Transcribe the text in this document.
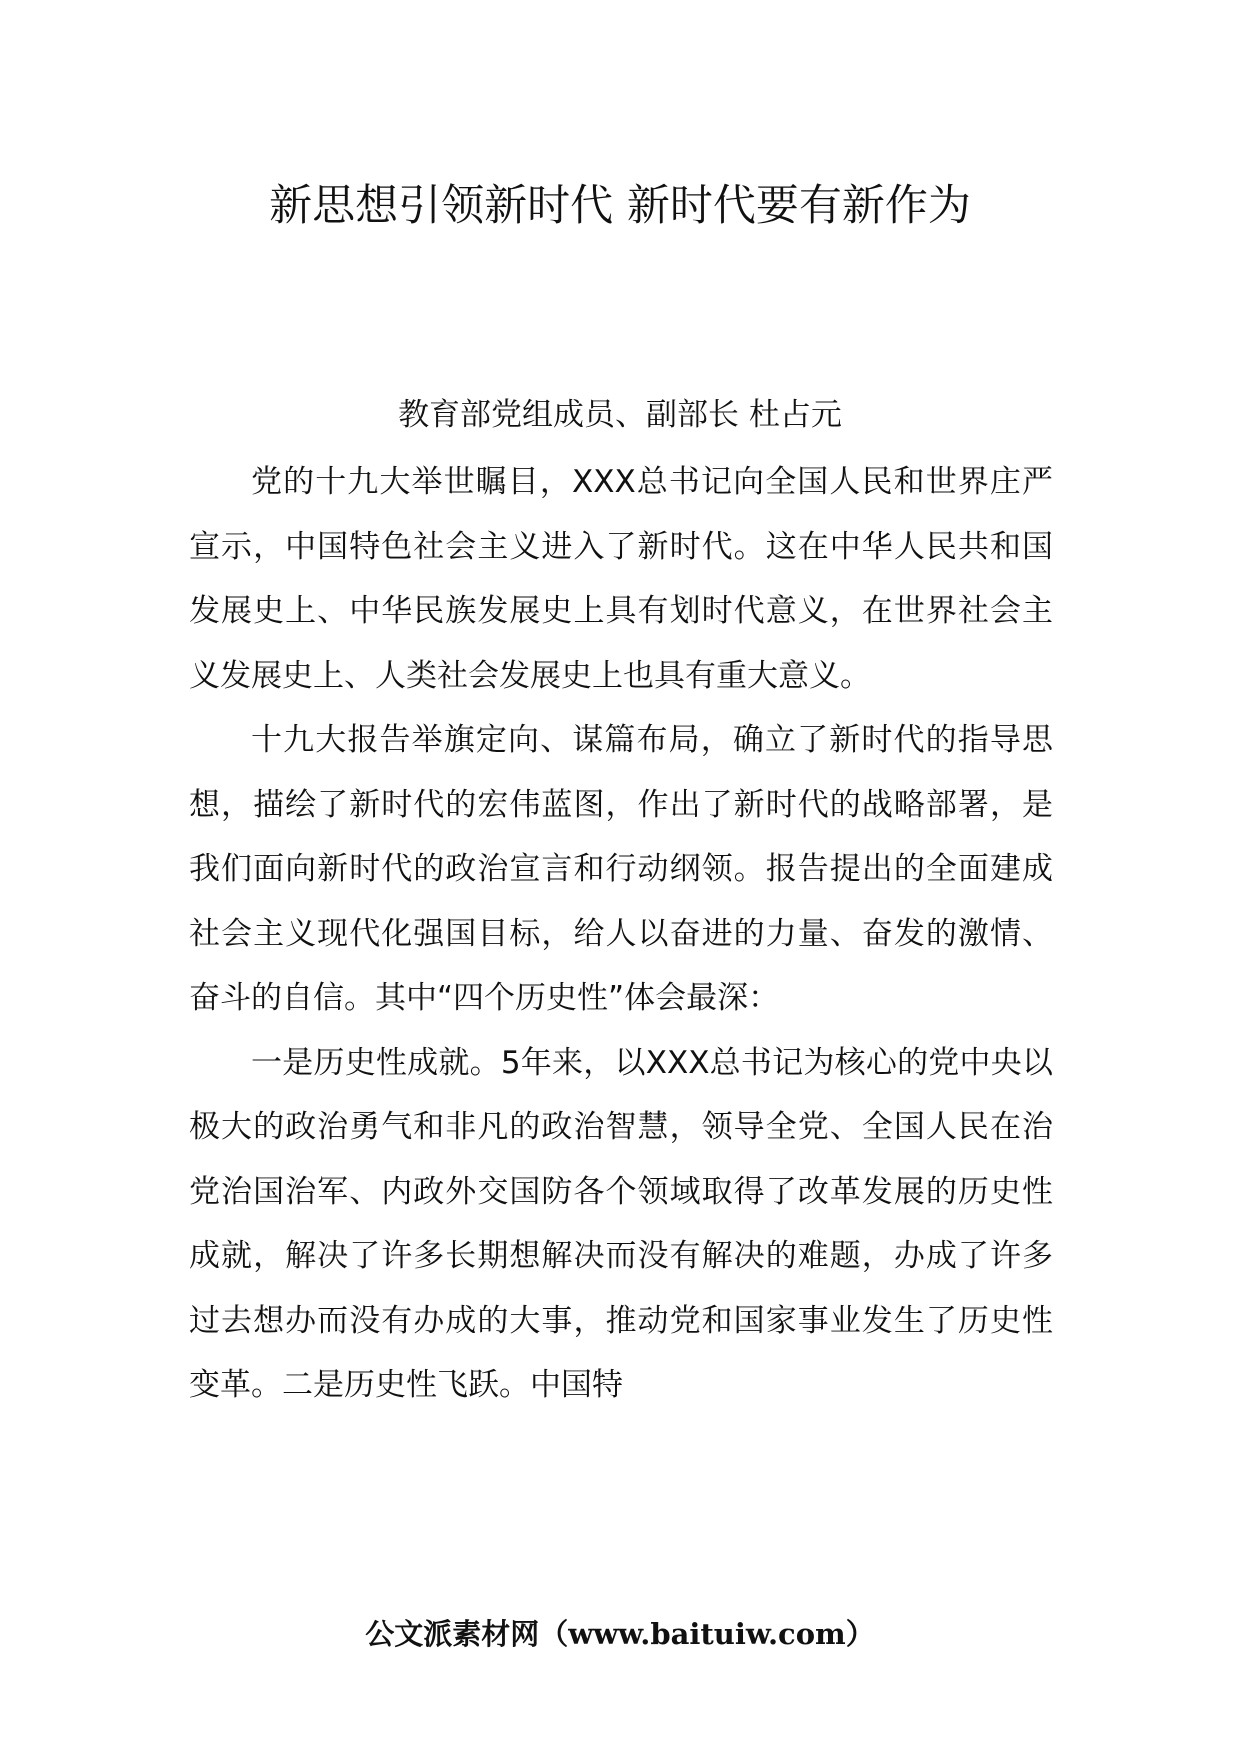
新思想引领新时代 新时代要有新作为
教育部党组成员、副部长 杜占元

党的十九大举世瞩目，XXX总书记向全国人民和世界庄严宣示，中国特色社会主义进入了新时代。这在中华人民共和国发展史上、中华民族发展史上具有划时代意义，在世界社会主义发展史上、人类社会发展史上也具有重大意义。

十九大报告举旗定向、谋篇布局，确立了新时代的指导思想，描绘了新时代的宏伟蓝图，作出了新时代的战略部署，是我们面向新时代的政治宣言和行动纲领。报告提出的全面建成社会主义现代化强国目标，给人以奋进的力量、奋发的激情、奋斗的自信。其中“四个历史性”体会最深：

一是历史性成就。5年来，以XXX总书记为核心的党中央以极大的政治勇气和非凡的政治智慧，领导全党、全国人民在治党治国治军、内政外交国防各个领域取得了改革发展的历史性成就，解决了许多长期想解决而没有解决的难题，办成了许多过去想办而没有办成的大事，推动党和国家事业发生了历史性变革。二是历史性飞跃。中国特

公文派素材网（www.baituiw.com）
